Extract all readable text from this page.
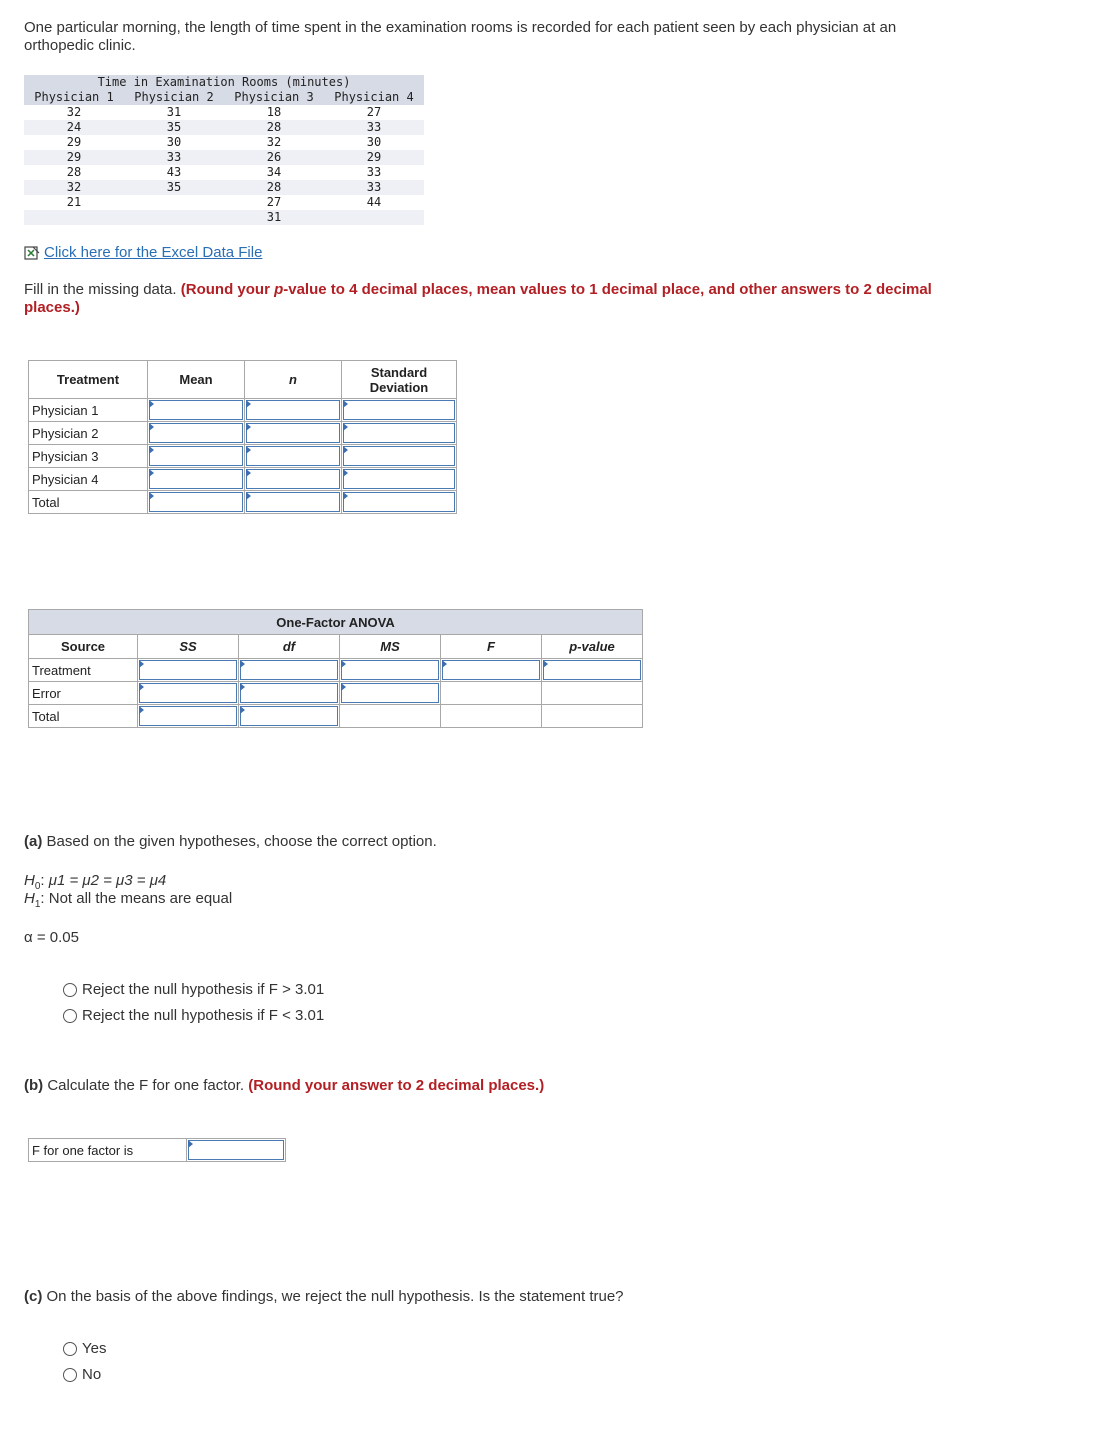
One particular morning, the length of time spent in the examination rooms is recorded for each patient seen by each physician at an orthopedic clinic.

Time in Examination Rooms (minutes)			
Physician 1	Physician 2	Physician 3	Physician 4
32	31	18	27
24	35	28	33
29	30	32	30
29	33	26	29
28	43	34	33
32	35	28	33
21		27	44
		31	
Click here for the Excel Data File

Fill in the missing data. (Round your p-value to 4 decimal places, mean values to 1 decimal place, and other answers to 2 decimal places.)

Treatment	Mean	n	Standard Deviation
Physician 1			
Physician 2			
Physician 3			
Physician 4			
Total			
One-Factor ANOVA					
Source	SS	df	MS	F	p-value
Treatment					
Error					
Total					

(a) Based on the given hypotheses, choose the correct option.

$H_0$: μ1 = μ2 = μ3 = μ4

$H_1$: Not all the means are equal

α = 0.05

Reject the null hypothesis if F > 3.01
Reject the null hypothesis if F < 3.01

(b) Calculate the F for one factor. (Round your answer to 2 decimal places.)

F for one factor is	

(c) On the basis of the above findings, we reject the null hypothesis. Is the statement true?

Yes
No
